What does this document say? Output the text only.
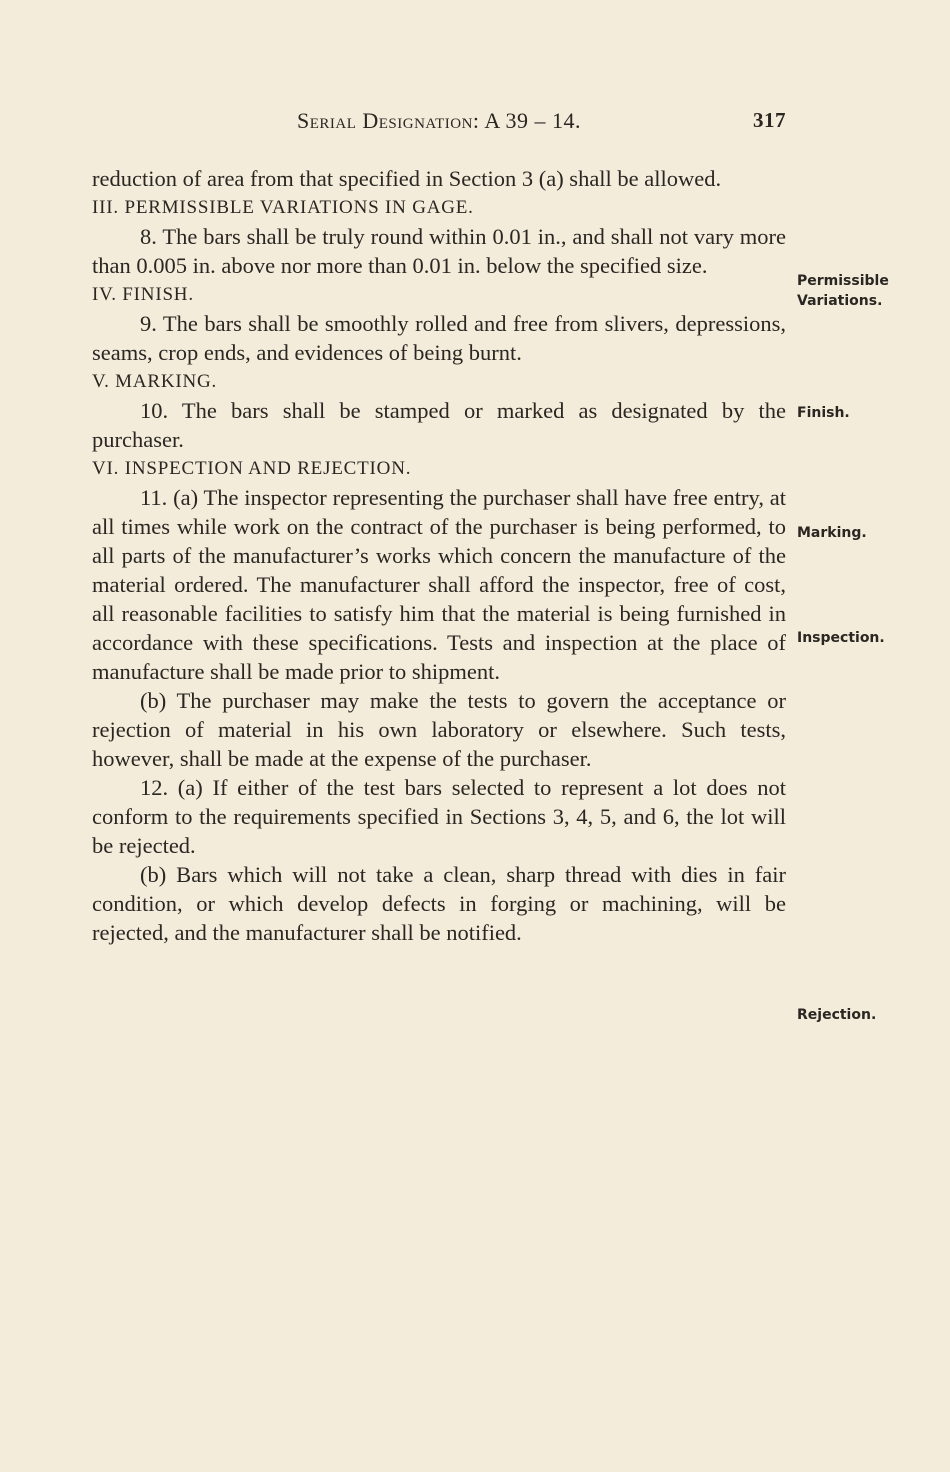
Serial Designation: A 39 – 14.	317

reduction of area from that specified in Section 3 (a) shall be allowed.

III. PERMISSIBLE VARIATIONS IN GAGE.

8. The bars shall be truly round within 0.01 in., and shall not vary more than 0.005 in. above nor more than 0.01 in. below the specified size.

IV. FINISH.

9. The bars shall be smoothly rolled and free from slivers, depressions, seams, crop ends, and evidences of being burnt.

V. MARKING.

10. The bars shall be stamped or marked as designated by the purchaser.

VI. INSPECTION AND REJECTION.

11. (a) The inspector representing the purchaser shall have free entry, at all times while work on the contract of the purchaser is being performed, to all parts of the manufacturer’s works which concern the manufacture of the material ordered. The manufacturer shall afford the inspector, free of cost, all reasonable facilities to satisfy him that the material is being furnished in accordance with these specifications. Tests and inspection at the place of manufacture shall be made prior to shipment.

(b) The purchaser may make the tests to govern the acceptance or rejection of material in his own laboratory or elsewhere. Such tests, however, shall be made at the expense of the purchaser.

12. (a) If either of the test bars selected to represent a lot does not conform to the requirements specified in Sections 3, 4, 5, and 6, the lot will be rejected.

(b) Bars which will not take a clean, sharp thread with dies in fair condition, or which develop defects in forging or machining, will be rejected, and the manufacturer shall be notified.

Permissible
Variations.
Finish.
Marking.
Inspection.
Rejection.
